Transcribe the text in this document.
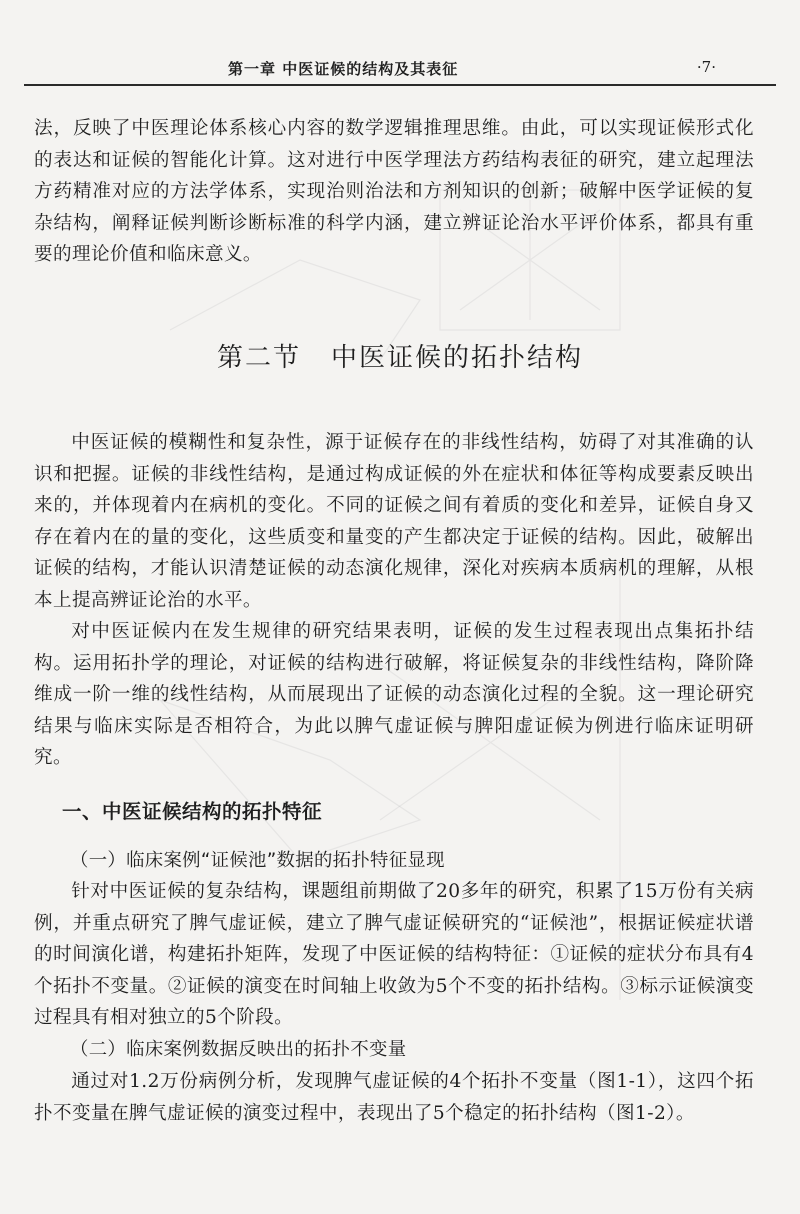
第一章 中医证候的结构及其表征	·7·

法，反映了中医理论体系核心内容的数学逻辑推理思维。由此，可以实现证候形式化的表达和证候的智能化计算。这对进行中医学理法方药结构表征的研究，建立起理法方药精准对应的方法学体系，实现治则治法和方剂知识的创新；破解中医学证候的复杂结构，阐释证候判断诊断标准的科学内涵，建立辨证论治水平评价体系，都具有重要的理论价值和临床意义。

第二节 中医证候的拓扑结构

中医证候的模糊性和复杂性，源于证候存在的非线性结构，妨碍了对其准确的认识和把握。证候的非线性结构，是通过构成证候的外在症状和体征等构成要素反映出来的，并体现着内在病机的变化。不同的证候之间有着质的变化和差异，证候自身又存在着内在的量的变化，这些质变和量变的产生都决定于证候的结构。因此，破解出证候的结构，才能认识清楚证候的动态演化规律，深化对疾病本质病机的理解，从根本上提高辨证论治的水平。

对中医证候内在发生规律的研究结果表明，证候的发生过程表现出点集拓扑结构。运用拓扑学的理论，对证候的结构进行破解，将证候复杂的非线性结构，降阶降维成一阶一维的线性结构，从而展现出了证候的动态演化过程的全貌。这一理论研究结果与临床实际是否相符合，为此以脾气虚证候与脾阳虚证候为例进行临床证明研究。

一、中医证候结构的拓扑特征
（一）临床案例“证候池”数据的拓扑特征显现

针对中医证候的复杂结构，课题组前期做了20多年的研究，积累了15万份有关病例，并重点研究了脾气虚证候，建立了脾气虚证候研究的“证候池”，根据证候症状谱的时间演化谱，构建拓扑矩阵，发现了中医证候的结构特征：①证候的症状分布具有4个拓扑不变量。②证候的演变在时间轴上收敛为5个不变的拓扑结构。③标示证候演变过程具有相对独立的5个阶段。

（二）临床案例数据反映出的拓扑不变量

通过对1.2万份病例分析，发现脾气虚证候的4个拓扑不变量（图1-1），这四个拓扑不变量在脾气虚证候的演变过程中，表现出了5个稳定的拓扑结构（图1-2）。
